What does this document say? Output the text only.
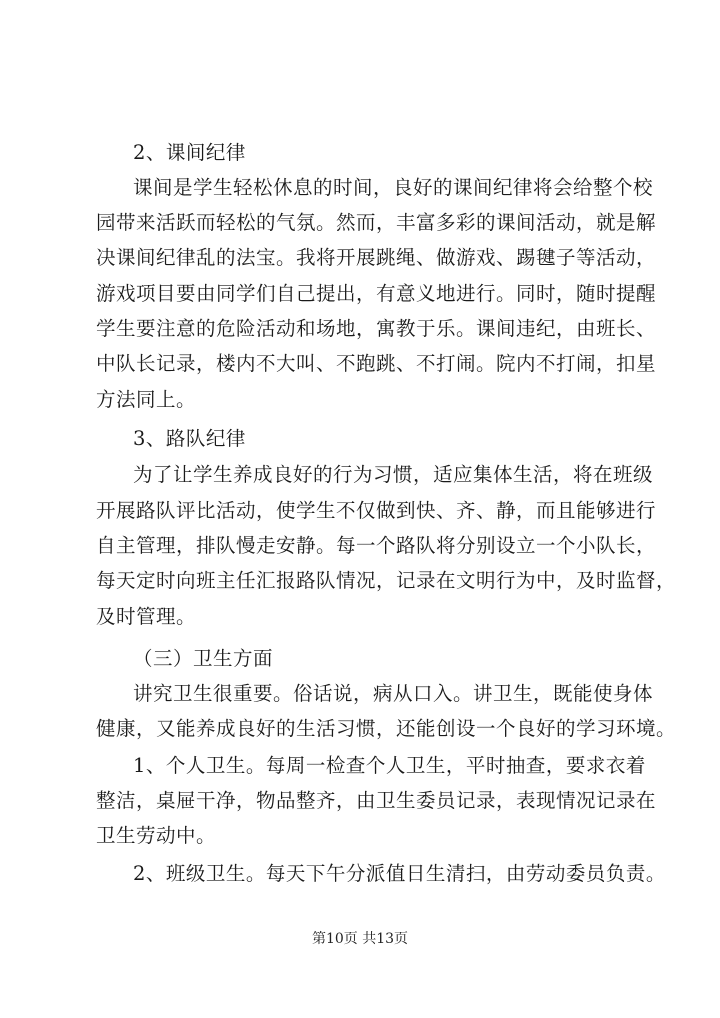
2、课间纪律
课间是学生轻松休息的时间，良好的课间纪律将会给整个校
园带来活跃而轻松的气氛。然而，丰富多彩的课间活动，就是解
决课间纪律乱的法宝。我将开展跳绳、做游戏、踢毽子等活动，
游戏项目要由同学们自己提出，有意义地进行。同时，随时提醒
学生要注意的危险活动和场地，寓教于乐。课间违纪，由班长、
中队长记录，楼内不大叫、不跑跳、不打闹。院内不打闹，扣星
方法同上。
3、路队纪律
为了让学生养成良好的行为习惯，适应集体生活，将在班级
开展路队评比活动，使学生不仅做到快、齐、静，而且能够进行
自主管理，排队慢走安静。每一个路队将分别设立一个小队长，
每天定时向班主任汇报路队情况，记录在文明行为中，及时监督，
及时管理。
（三）卫生方面
讲究卫生很重要。俗话说，病从口入。讲卫生，既能使身体
健康，又能养成良好的生活习惯，还能创设一个良好的学习环境。
1、个人卫生。每周一检查个人卫生，平时抽查，要求衣着
整洁，桌屉干净，物品整齐，由卫生委员记录，表现情况记录在
卫生劳动中。
2、班级卫生。每天下午分派值日生清扫，由劳动委员负责。
第10页 共13页
